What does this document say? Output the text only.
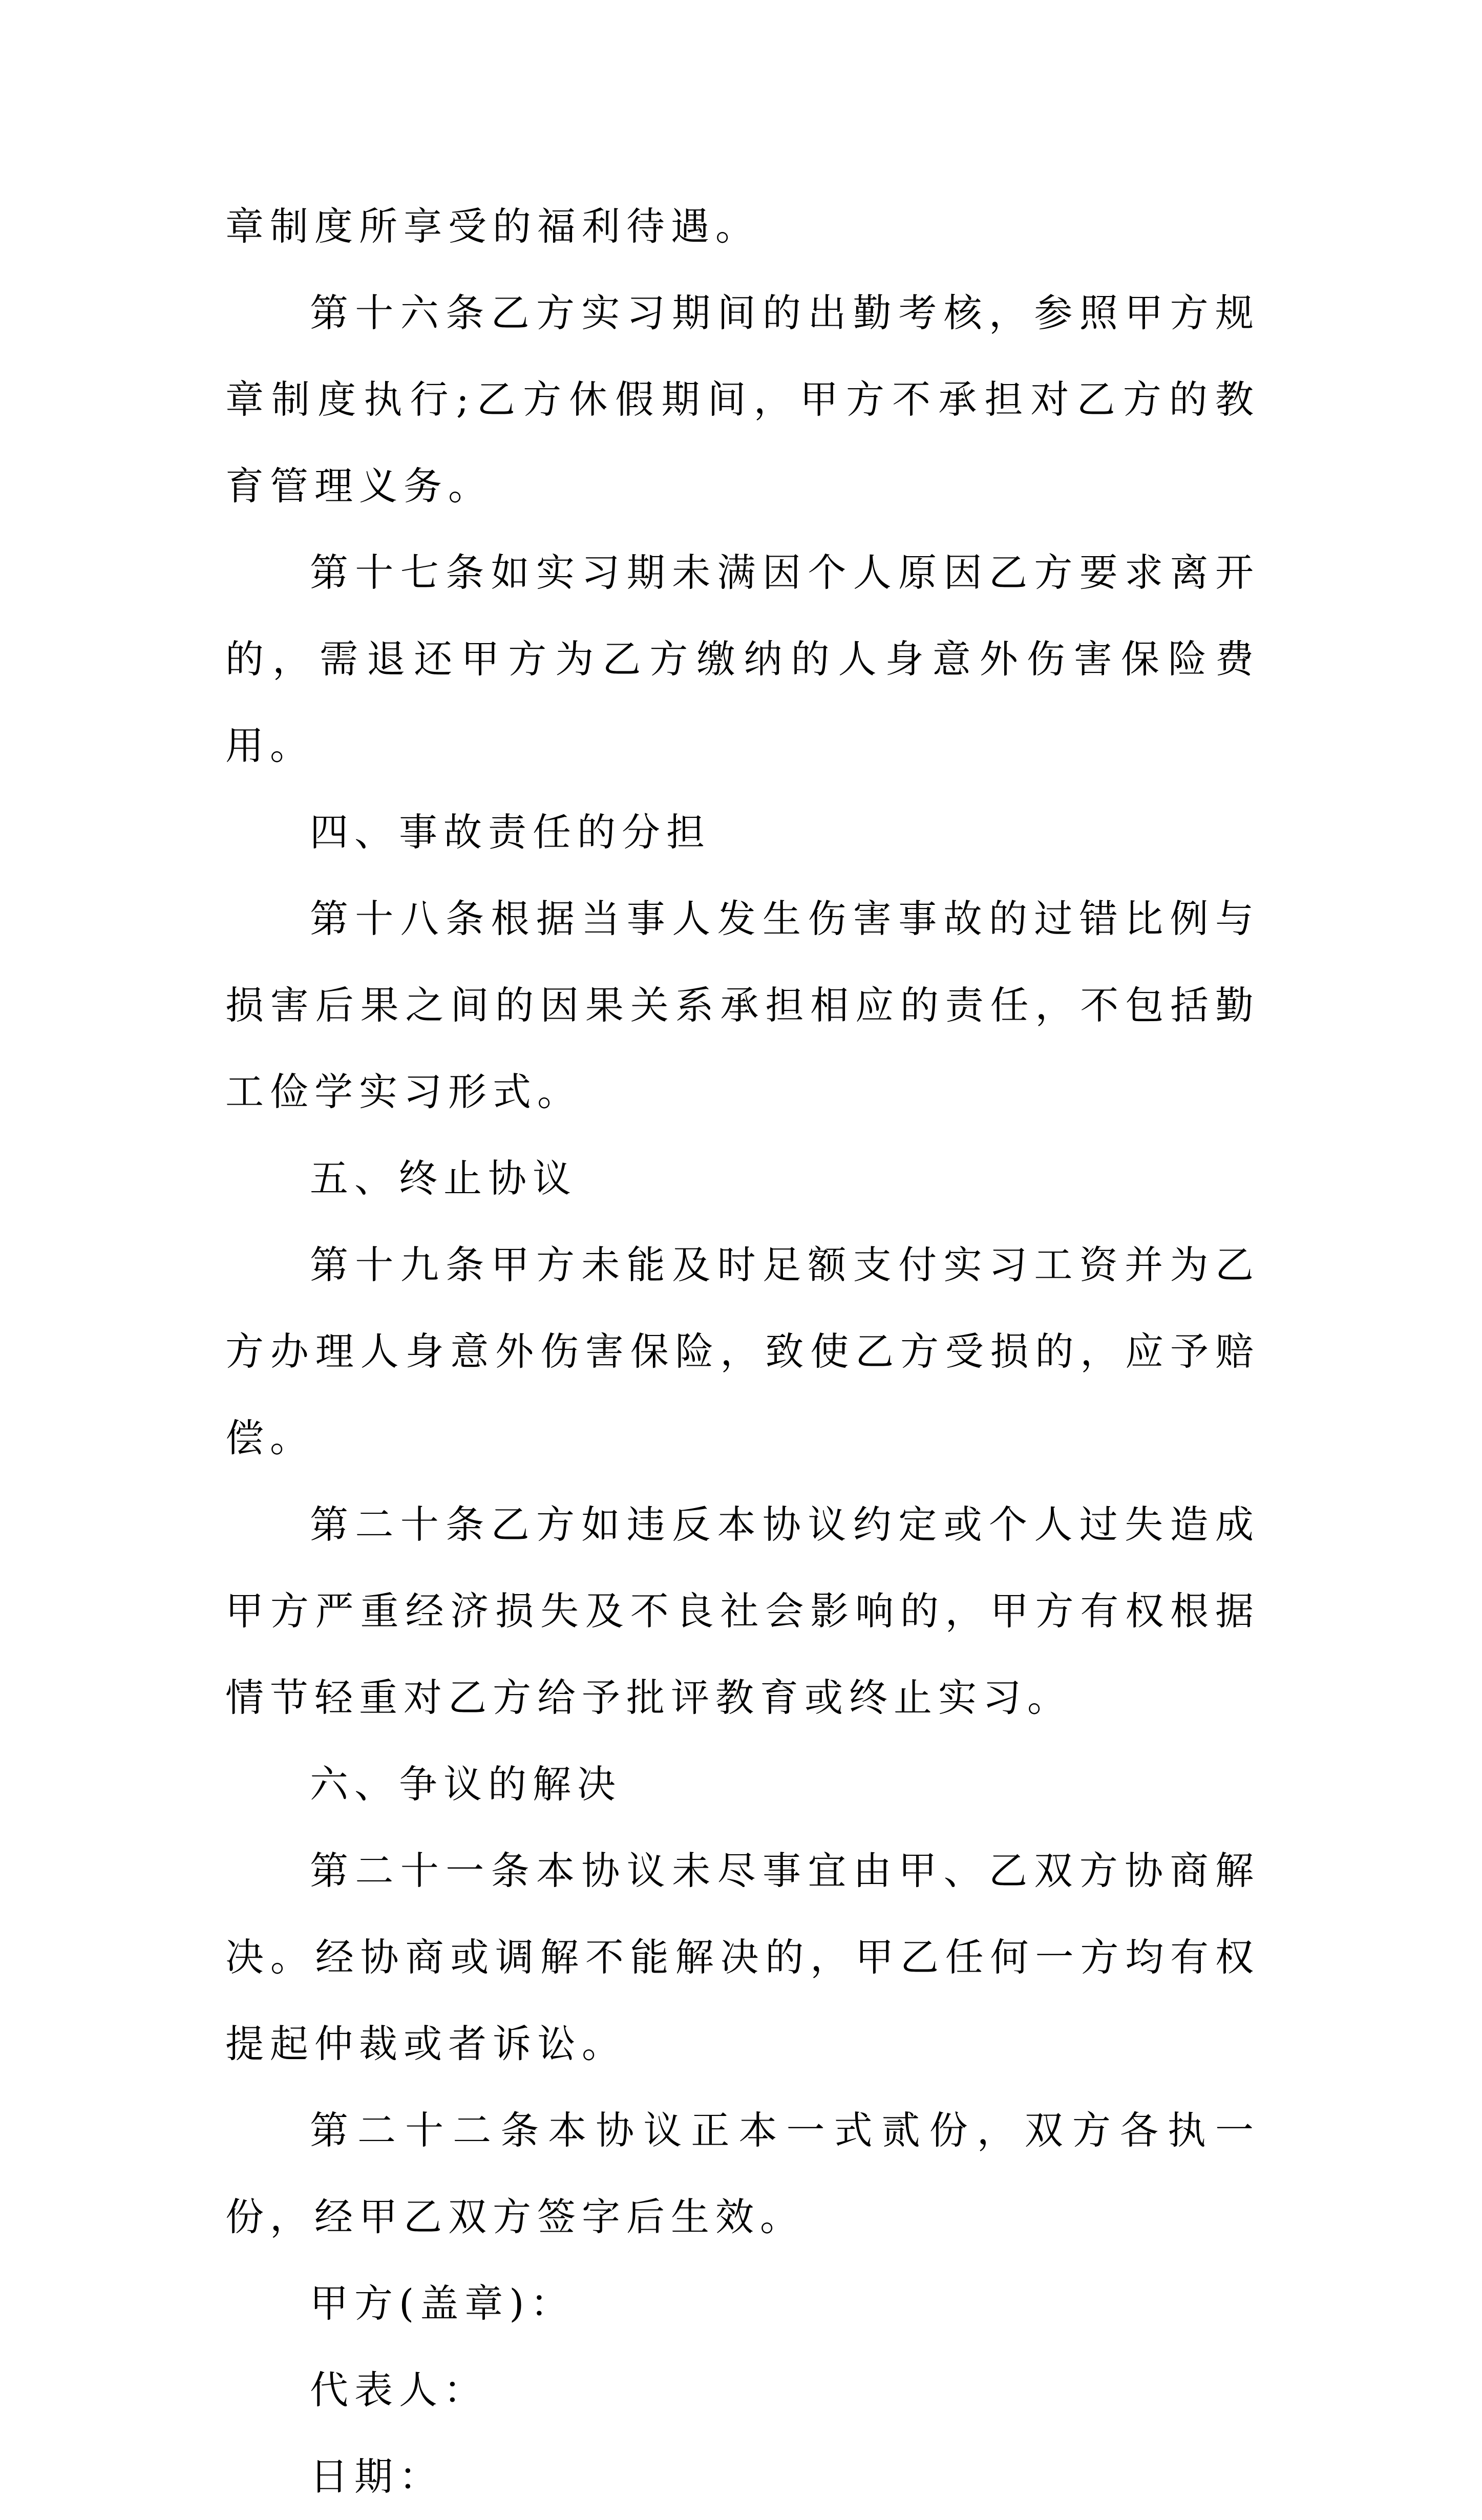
章制度所享受的福利待遇。

第十六条乙方实习期间的出勤考核，参照甲方规章制度执行;乙方休假期间，甲方不承担对乙方的教育管理义务。

第十七条如实习期未满因个人原因乙方要求离开的，需退还甲方为乙方缴纳的人身意外伤害保险费用。

四、事故责任的分担

第十八条根据当事人发生伤害事故的过错比例与损害后果之间的因果关系承担相应的责任，不包括勤工俭学实习形式。

五、终止协议

第十九条甲方未能及时足额支付实习工资并为乙方办理人身意外伤害保险，致使乙方受损的，应予赔偿。

第二十条乙方如违反本协议约定或个人过失造成甲方严重经济损失及不良社会影响的，甲方有权根据情节轻重对乙方给予批评教育或终止实习。

六、争议的解决

第二十一条本协议未尽事宜由甲、乙双方协商解决。经协商或调解不能解决的，甲乙任何一方均有权提起仲裁或者诉讼。

第二十二条本协议正本一式贰份，双方各执一份，经甲乙双方签字后生效。

甲方(盖章)：

代表人：

日期：
